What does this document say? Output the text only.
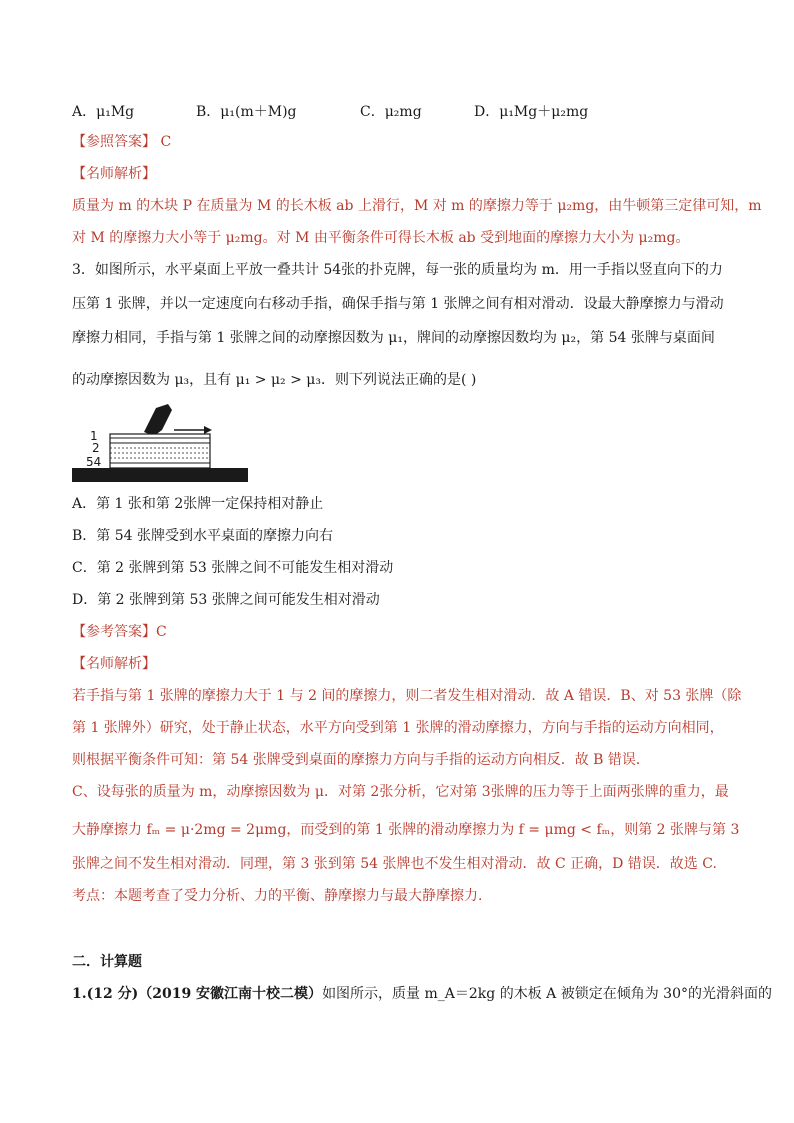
A．μ₁Mg	B．μ₁(m＋M)g	C．μ₂mg	D．μ₁Mg＋μ₂mg
【参照答案】 C
【名师解析】
质量为 m 的木块 P 在质量为 M 的长木板 ab 上滑行，M 对 m 的摩擦力等于 μ₂mg，由牛顿第三定律可知，m
对 M 的摩擦力大小等于 μ₂mg。对 M 由平衡条件可得长木板 ab 受到地面的摩擦力大小为 μ₂mg。
3．如图所示，水平桌面上平放一叠共计 54张的扑克牌，每一张的质量均为 m．用一手指以竖直向下的力
压第 1 张牌，并以一定速度向右移动手指，确保手指与第 1 张牌之间有相对滑动．设最大静摩擦力与滑动
摩擦力相同，手指与第 1 张牌之间的动摩擦因数为 μ₁，牌间的动摩擦因数均为 μ₂，第 54 张牌与桌面间
的动摩擦因数为 μ₃，且有 μ₁ > μ₂ > μ₃．则下列说法正确的是( )
1
2
54
A．第 1 张和第 2张牌一定保持相对静止
B．第 54 张牌受到水平桌面的摩擦力向右
C．第 2 张牌到第 53 张牌之间不可能发生相对滑动
D．第 2 张牌到第 53 张牌之间可能发生相对滑动
【参考答案】C
【名师解析】
若手指与第 1 张牌的摩擦力大于 1 与 2 间的摩擦力，则二者发生相对滑动．故 A 错误．B、对 53 张牌（除
第 1 张牌外）研究，处于静止状态，水平方向受到第 1 张牌的滑动摩擦力，方向与手指的运动方向相同，
则根据平衡条件可知：第 54 张牌受到桌面的摩擦力方向与手指的运动方向相反．故 B 错误．
C、设每张的质量为 m，动摩擦因数为 μ．对第 2张分析，它对第 3张牌的压力等于上面两张牌的重力，最
大静摩擦力 fₘ = μ·2mg = 2μmg，而受到的第 1 张牌的滑动摩擦力为 f = μmg < fₘ，则第 2 张牌与第 3
张牌之间不发生相对滑动．同理，第 3 张到第 54 张牌也不发生相对滑动．故 C 正确，D 错误．故选 C.
考点：本题考查了受力分析、力的平衡、静摩擦力与最大静摩擦力.
二．计算题
1.(12 分)（2019 安徽江南十校二模）如图所示，质量 m_A＝2kg 的木板 A 被锁定在倾角为 30°的光滑斜面的
